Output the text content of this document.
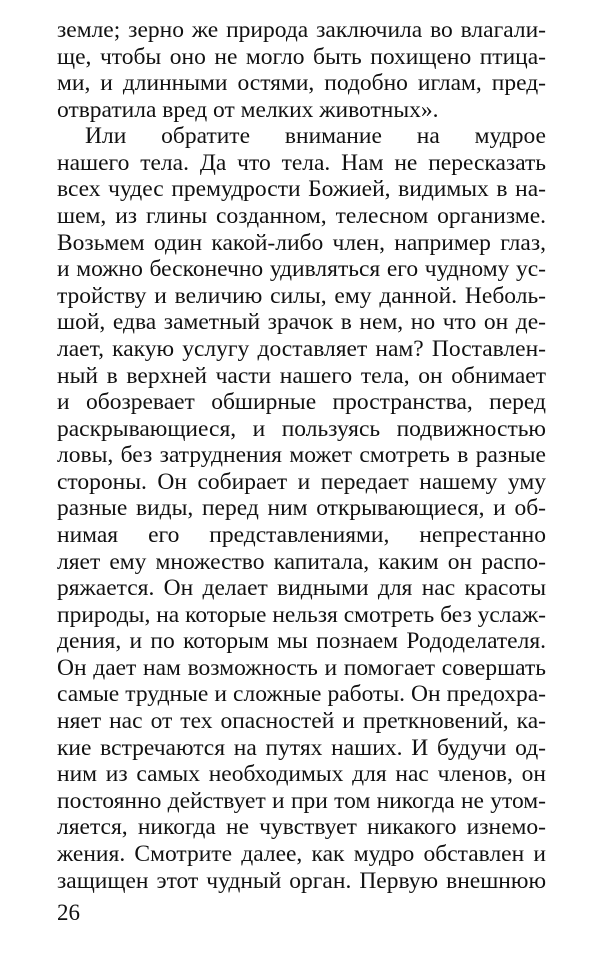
земле; зерно же природа заключила во влагали-
ще, чтобы оно не могло быть похищено птица-
ми, и длинными остями, подобно иглам, пред-
отвратила вред от мелких животных».
Или обратите внимание на мудрое
нашего тела. Да что тела. Нам не пересказать
всех чудес премудрости Божией, видимых в на-
шем, из глины созданном, телесном организме.
Возьмем один какой-либо член, например глаз,
и можно бесконечно удивляться его чудному ус-
тройству и величию силы, ему данной. Неболь-
шой, едва заметный зрачок в нем, но что он де-
лает, какую услугу доставляет нам? Поставлен-
ный в верхней части нашего тела, он обнимает
и обозревает обширные пространства, перед
раскрывающиеся, и пользуясь подвижностью
ловы, без затруднения может смотреть в разные
стороны. Он собирает и передает нашему уму
разные виды, перед ним открывающиеся, и об-
нимая его представлениями, непрестанно
ляет ему множество капитала, каким он распо-
ряжается. Он делает видными для нас красоты
природы, на которые нельзя смотреть без услаж-
дения, и по которым мы познаем Рододелателя.
Он дает нам возможность и помогает совершать
самые трудные и сложные работы. Он предохра-
няет нас от тех опасностей и преткновений, ка-
кие встречаются на путях наших. И будучи од-
ним из самых необходимых для нас членов, он
постоянно действует и при том никогда не утом-
ляется, никогда не чувствует никакого изнемо-
жения. Смотрите далее, как мудро обставлен и
защищен этот чудный орган. Первую внешнюю
26
